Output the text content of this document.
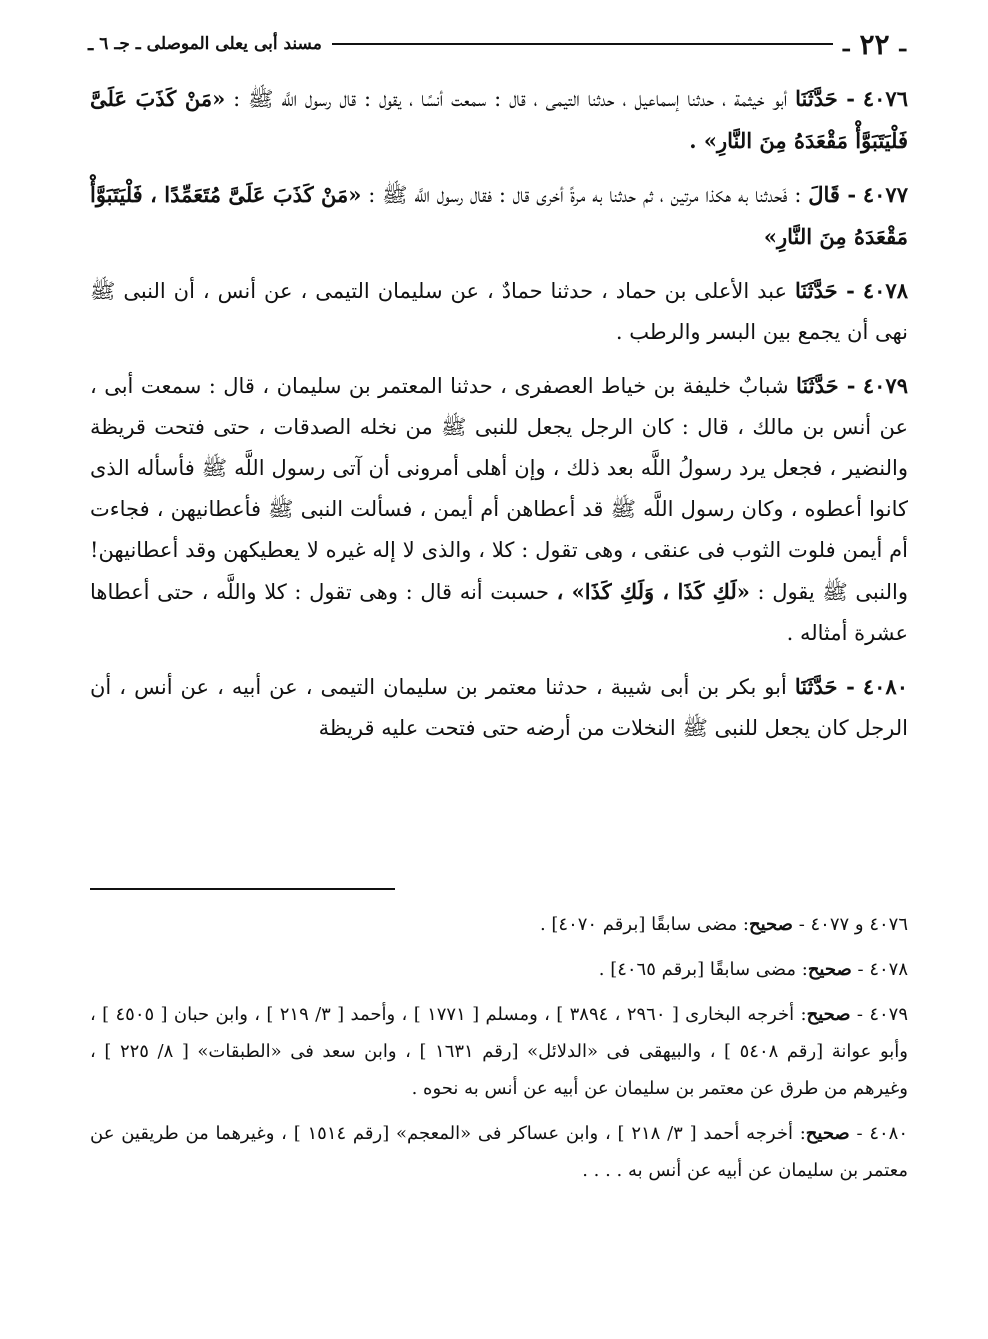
ـ
٢٢
ـ
مسند أبى يعلى الموصلى ـ جـ ٦
ـ

٤٠٧٦ - حَدَّثَنَا أبو خيثمة ، حدثنا إسماعيل ، حدثنا التيمى ، قال : سمعت أنسًا ، يقول : قال رسول اللَّه ﷺ : «مَنْ كَذَبَ عَلَىَّ فَلْيَتَبَوَّأْ مَقْعَدَهُ مِنَ النَّارِ» .

٤٠٧٧ - قَالَ : فَحدثنا به هكذا مرتين ، ثم حدثنا به مرةً أخرى قال : فقال رسول اللَّه ﷺ : «مَنْ كَذَبَ عَلَىَّ مُتَعَمِّدًا ، فَلْيَتَبَوَّأْ مَقْعَدَهُ مِنَ النَّارِ»

٤٠٧٨ - حَدَّثَنَا عبد الأعلى بن حماد ، حدثنا حمادٌ ، عن سليمان التيمى ، عن أنس ، أن النبى ﷺ نهى أن يجمع بين البسر والرطب .

٤٠٧٩ - حَدَّثَنَا شبابٌ خليفة بن خياط العصفرى ، حدثنا المعتمر بن سليمان ، قال : سمعت أبى ، عن أنس بن مالك ، قال : كان الرجل يجعل للنبى ﷺ من نخله الصدقات ، حتى فتحت قريظة والنضير ، فجعل يرد رسولُ اللَّه بعد ذلك ، وإن أهلى أمرونى أن آتى رسول اللَّه ﷺ فأسأله الذى كانوا أعطوه ، وكان رسول اللَّه ﷺ قد أعطاهن أم أيمن ، فسألت النبى ﷺ فأعطانيهن ، فجاءت أم أيمن فلوت الثوب فى عنقى ، وهى تقول : كلا ، والذى لا إله غيره لا يعطيكهن وقد أعطانيهن! والنبى ﷺ يقول : «لَكِ كَذَا ، وَلَكِ كَذَا» ، حسبت أنه قال : وهى تقول : كلا واللَّه ، حتى أعطاها عشرة أمثاله .

٤٠٨٠ - حَدَّثَنَا أبو بكر بن أبى شيبة ، حدثنا معتمر بن سليمان التيمى ، عن أبيه ، عن أنس ، أن الرجل كان يجعل للنبى ﷺ النخلات من أرضه حتى فتحت عليه قريظة

٤٠٧٦ و ٤٠٧٧ - صحيح: مضى سابقًا [برقم ٤٠٧٠] .

٤٠٧٨ - صحيح: مضى سابقًا [برقم ٤٠٦٥] .

٤٠٧٩ - صحيح: أخرجه البخارى [ ٢٩٦٠ ، ٣٨٩٤ ] ، ومسلم [ ١٧٧١ ] ، وأحمد [ ٣/ ٢١٩ ] ، وابن حبان [ ٤٥٠٥ ] ، وأبو عوانة [رقم ٥٤٠٨ ] ، والبيهقى فى «الدلائل» [رقم ١٦٣١ ] ، وابن سعد فى «الطبقات» [ ٨/ ٢٢٥ ] ، وغيرهم من طرق عن معتمر بن سليمان عن أبيه عن أنس به نحوه .

٤٠٨٠ - صحيح: أخرجه أحمد [ ٣/ ٢١٨ ] ، وابن عساكر فى «المعجم» [رقم ١٥١٤ ] ، وغيرهما من طريقين عن معتمر بن سليمان عن أبيه عن أنس به . . . .
